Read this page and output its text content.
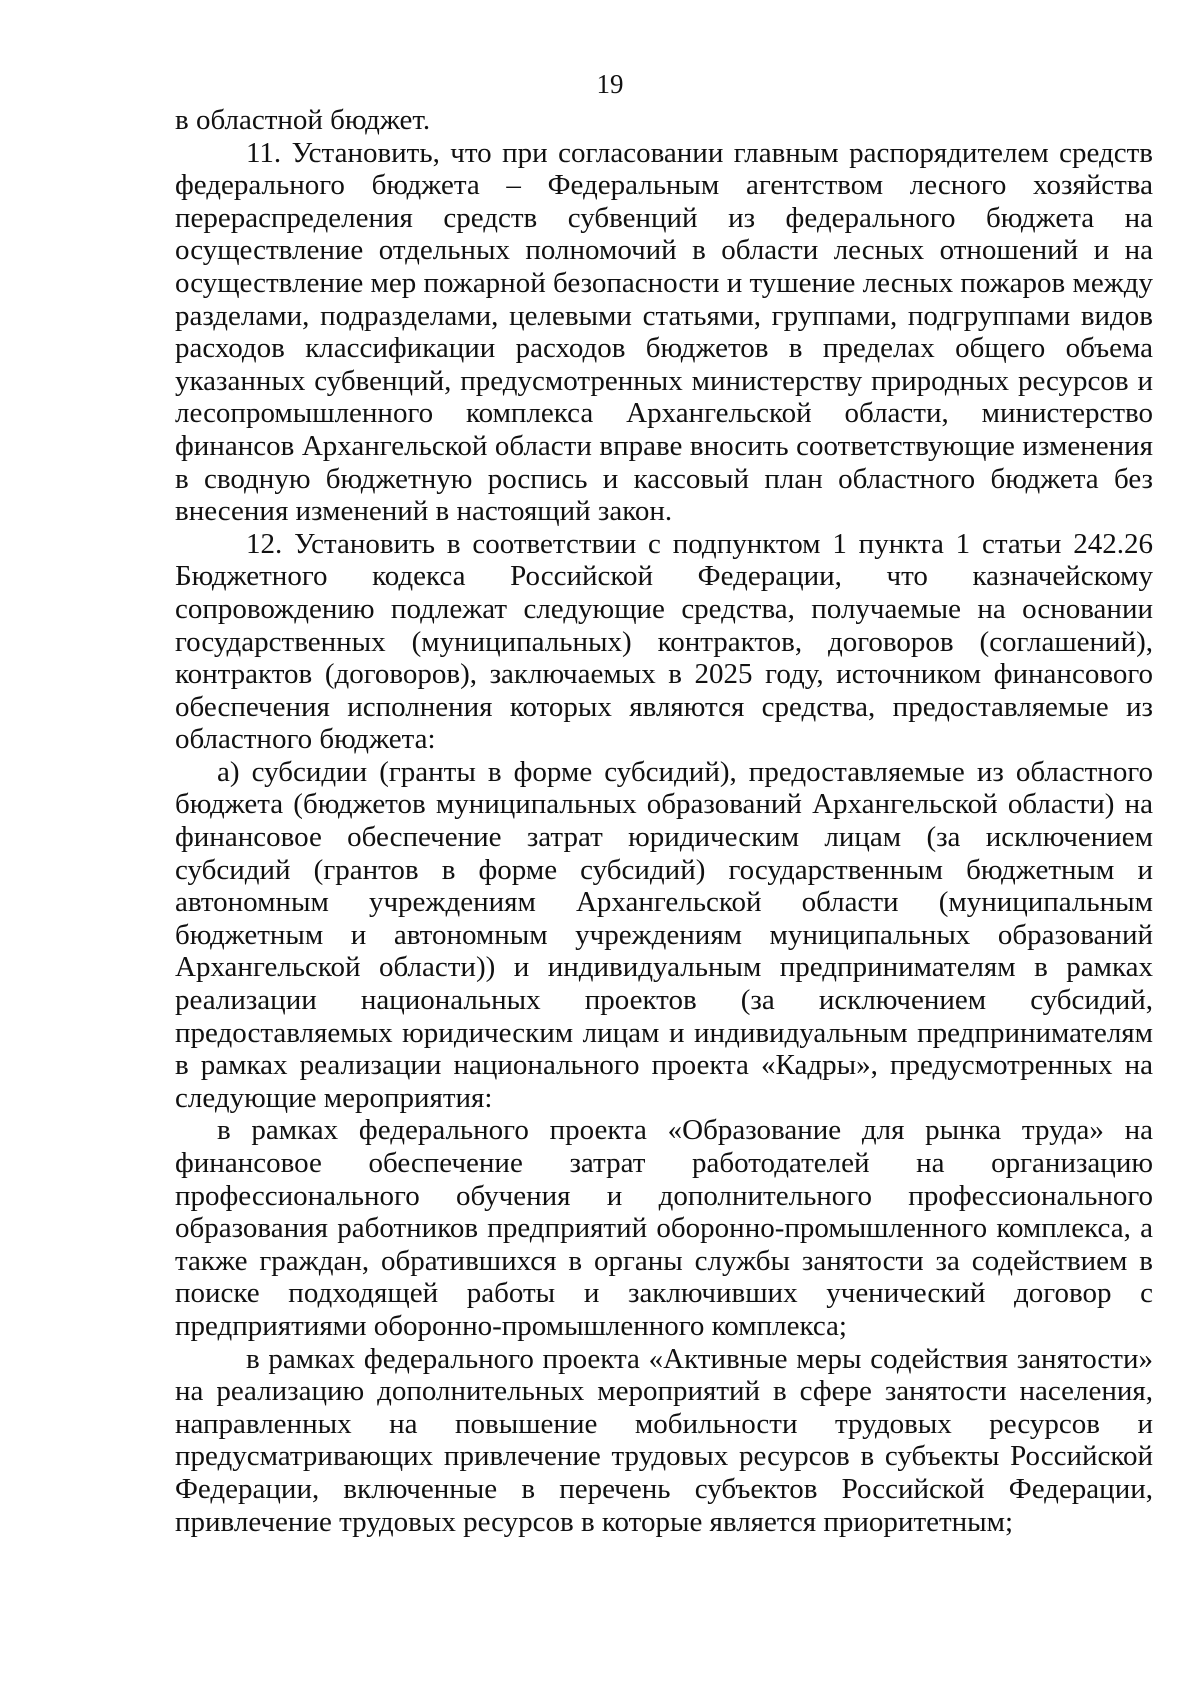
19

в областной бюджет.

11. Установить, что при согласовании главным распорядителем средств федерального бюджета – Федеральным агентством лесного хозяйства перераспределения средств субвенций из федерального бюджета на осуществление отдельных полномочий в области лесных отношений и на осуществление мер пожарной безопасности и тушение лесных пожаров между разделами, подразделами, целевыми статьями, группами, подгруппами видов расходов классификации расходов бюджетов в пределах общего объема указанных субвенций, предусмотренных министерству природных ресурсов и лесопромышленного комплекса Архангельской области, министерство финансов Архангельской области вправе вносить соответствующие изменения в сводную бюджетную роспись и кассовый план областного бюджета без внесения изменений в настоящий закон.

12. Установить в соответствии с подпунктом 1 пункта 1 статьи 242.26 Бюджетного кодекса Российской Федерации, что казначейскому сопровождению подлежат следующие средства, получаемые на основании государственных (муниципальных) контрактов, договоров (соглашений), контрактов (договоров), заключаемых в 2025 году, источником финансового обеспечения исполнения которых являются средства, предоставляемые из областного бюджета:

а) субсидии (гранты в форме субсидий), предоставляемые из областного бюджета (бюджетов муниципальных образований Архангельской области) на финансовое обеспечение затрат юридическим лицам (за исключением субсидий (грантов в форме субсидий) государственным бюджетным и автономным учреждениям Архангельской области (муниципальным бюджетным и автономным учреждениям муниципальных образований Архангельской области)) и индивидуальным предпринимателям в рамках реализации национальных проектов (за исключением субсидий, предоставляемых юридическим лицам и индивидуальным предпринимателям в рамках реализации национального проекта «Кадры», предусмотренных на следующие мероприятия:

в рамках федерального проекта «Образование для рынка труда» на финансовое обеспечение затрат работодателей на организацию профессионального обучения и дополнительного профессионального образования работников предприятий оборонно-промышленного комплекса, а также граждан, обратившихся в органы службы занятости за содействием в поиске подходящей работы и заключивших ученический договор с предприятиями оборонно-промышленного комплекса;

в рамках федерального проекта «Активные меры содействия занятости» на реализацию дополнительных мероприятий в сфере занятости населения, направленных на повышение мобильности трудовых ресурсов и предусматривающих привлечение трудовых ресурсов в субъекты Российской Федерации, включенные в перечень субъектов Российской Федерации, привлечение трудовых ресурсов в которые является приоритетным;
